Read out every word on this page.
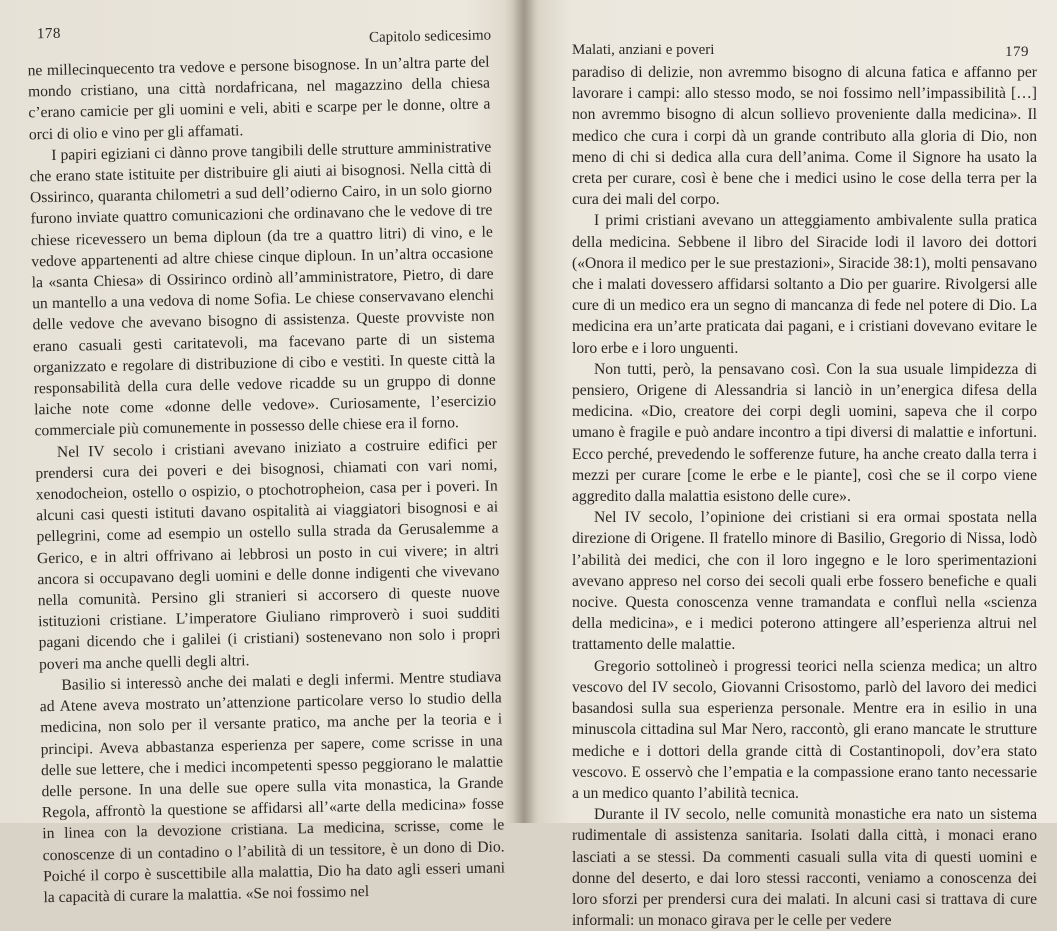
178	Capitolo sedicesimo

ne millecinquecento tra vedove e persone bisognose. In un’altra parte del mondo cristiano, una città nordafricana, nel magazzino della chiesa c’erano camicie per gli uomini e veli, abiti e scarpe per le donne, oltre a orci di olio e vino per gli affamati.

I papiri egiziani ci dànno prove tangibili delle strutture amministrative che erano state istituite per distribuire gli aiuti ai bisognosi. Nella città di Ossirinco, quaranta chilometri a sud dell’odierno Cairo, in un solo giorno furono inviate quattro comunicazioni che ordinavano che le vedove di tre chiese ricevessero un bema diploun (da tre a quattro litri) di vino, e le vedove appartenenti ad altre chiese cinque diploun. In un’altra occasione la «santa Chiesa» di Ossirinco ordinò all’amministratore, Pietro, di dare un mantello a una vedova di nome Sofia. Le chiese conservavano elenchi delle vedove che avevano bisogno di assistenza. Queste provviste non erano casuali gesti caritatevoli, ma facevano parte di un sistema organizzato e regolare di distribuzione di cibo e vestiti. In queste città la responsabilità della cura delle vedove ricadde su un gruppo di donne laiche note come «donne delle vedove». Curiosamente, l’esercizio commerciale più comunemente in possesso delle chiese era il forno.

Nel IV secolo i cristiani avevano iniziato a costruire edifici per prendersi cura dei poveri e dei bisognosi, chiamati con vari nomi, xenodocheion, ostello o ospizio, o ptochotropheion, casa per i poveri. In alcuni casi questi istituti davano ospitalità ai viaggiatori bisognosi e ai pellegrini, come ad esempio un ostello sulla strada da Gerusalemme a Gerico, e in altri offrivano ai lebbrosi un posto in cui vivere; in altri ancora si occupavano degli uomini e delle donne indigenti che vivevano nella comunità. Persino gli stranieri si accorsero di queste nuove istituzioni cristiane. L’imperatore Giuliano rimproverò i suoi sudditi pagani dicendo che i galilei (i cristiani) sostenevano non solo i propri poveri ma anche quelli degli altri.

Basilio si interessò anche dei malati e degli infermi. Mentre studiava ad Atene aveva mostrato un’attenzione particolare verso lo studio della medicina, non solo per il versante pratico, ma anche per la teoria e i principi. Aveva abbastanza esperienza per sapere, come scrisse in una delle sue lettere, che i medici incompetenti spesso peggiorano le malattie delle persone. In una delle sue opere sulla vita monastica, la Grande Regola, affrontò la questione se affidarsi all’«arte della medicina» fosse in linea con la devozione cristiana. La medicina, scrisse, come le conoscenze di un contadino o l’abilità di un tessitore, è un dono di Dio. Poiché il corpo è suscettibile alla malattia, Dio ha dato agli esseri umani la capacità di curare la malattia. «Se noi fossimo nel

Malati, anziani e poveri	179

paradiso di delizie, non avremmo bisogno di alcuna fatica e affanno per lavorare i campi: allo stesso modo, se noi fossimo nell’impassibilità […] non avremmo bisogno di alcun sollievo proveniente dalla medicina». Il medico che cura i corpi dà un grande contributo alla gloria di Dio, non meno di chi si dedica alla cura dell’anima. Come il Signore ha usato la creta per curare, così è bene che i medici usino le cose della terra per la cura dei mali del corpo.

I primi cristiani avevano un atteggiamento ambivalente sulla pratica della medicina. Sebbene il libro del Siracide lodi il lavoro dei dottori («Onora il medico per le sue prestazioni», Siracide 38:1), molti pensavano che i malati dovessero affidarsi soltanto a Dio per guarire. Rivolgersi alle cure di un medico era un segno di mancanza di fede nel potere di Dio. La medicina era un’arte praticata dai pagani, e i cristiani dovevano evitare le loro erbe e i loro unguenti.

Non tutti, però, la pensavano così. Con la sua usuale limpidezza di pensiero, Origene di Alessandria si lanciò in un’energica difesa della medicina. «Dio, creatore dei corpi degli uomini, sapeva che il corpo umano è fragile e può andare incontro a tipi diversi di malattie e infortuni. Ecco perché, prevedendo le sofferenze future, ha anche creato dalla terra i mezzi per curare [come le erbe e le piante], così che se il corpo viene aggredito dalla malattia esistono delle cure».

Nel IV secolo, l’opinione dei cristiani si era ormai spostata nella direzione di Origene. Il fratello minore di Basilio, Gregorio di Nissa, lodò l’abilità dei medici, che con il loro ingegno e le loro sperimentazioni avevano appreso nel corso dei secoli quali erbe fossero benefiche e quali nocive. Questa conoscenza venne tramandata e confluì nella «scienza della medicina», e i medici poterono attingere all’esperienza altrui nel trattamento delle malattie.

Gregorio sottolineò i progressi teorici nella scienza medica; un altro vescovo del IV secolo, Giovanni Crisostomo, parlò del lavoro dei medici basandosi sulla sua esperienza personale. Mentre era in esilio in una minuscola cittadina sul Mar Nero, raccontò, gli erano mancate le strutture mediche e i dottori della grande città di Costantinopoli, dov’era stato vescovo. E osservò che l’empatia e la compassione erano tanto necessarie a un medico quanto l’abilità tecnica.

Durante il IV secolo, nelle comunità monastiche era nato un sistema rudimentale di assistenza sanitaria. Isolati dalla città, i monaci erano lasciati a se stessi. Da commenti casuali sulla vita di questi uomini e donne del deserto, e dai loro stessi racconti, veniamo a conoscenza dei loro sforzi per prendersi cura dei malati. In alcuni casi si trattava di cure informali: un monaco girava per le celle per vedere
